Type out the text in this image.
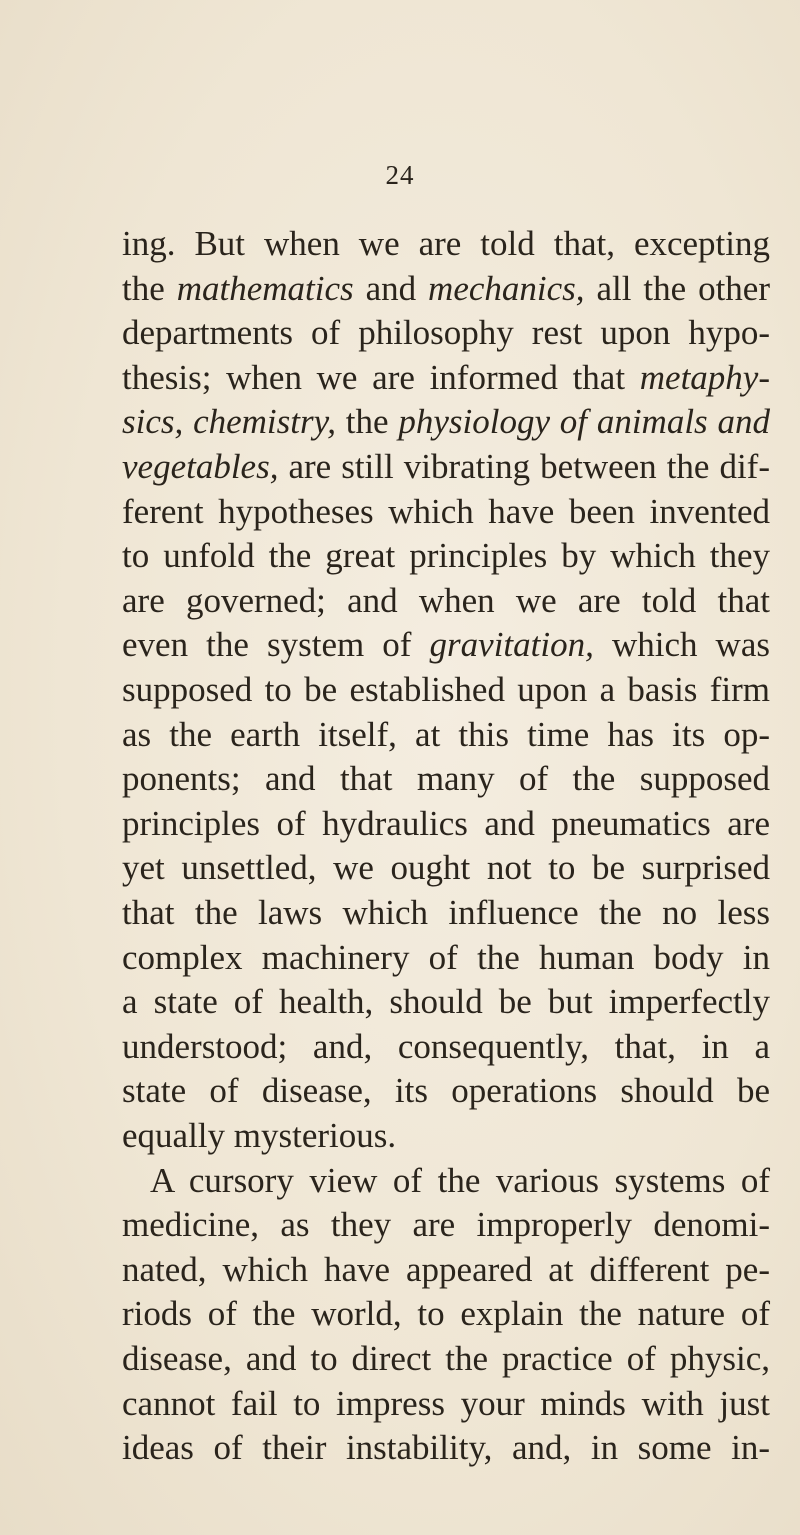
24
ing. But when we are told that, excepting
the mathematics and mechanics, all the other
departments of philosophy rest upon hypo-
thesis; when we are informed that metaphy-
sics, chemistry, the physiology of animals and
vegetables, are still vibrating between the dif-
ferent hypotheses which have been invented
to unfold the great principles by which they
are governed; and when we are told that
even the system of gravitation, which was
supposed to be established upon a basis firm
as the earth itself, at this time has its op-
ponents; and that many of the supposed
principles of hydraulics and pneumatics are
yet unsettled, we ought not to be surprised
that the laws which influence the no less
complex machinery of the human body in
a state of health, should be but imperfectly
understood; and, consequently, that, in a
state of disease, its operations should be
equally mysterious.
A cursory view of the various systems of
medicine, as they are improperly denomi-
nated, which have appeared at different pe-
riods of the world, to explain the nature of
disease, and to direct the practice of physic,
cannot fail to impress your minds with just
ideas of their instability, and, in some in-
